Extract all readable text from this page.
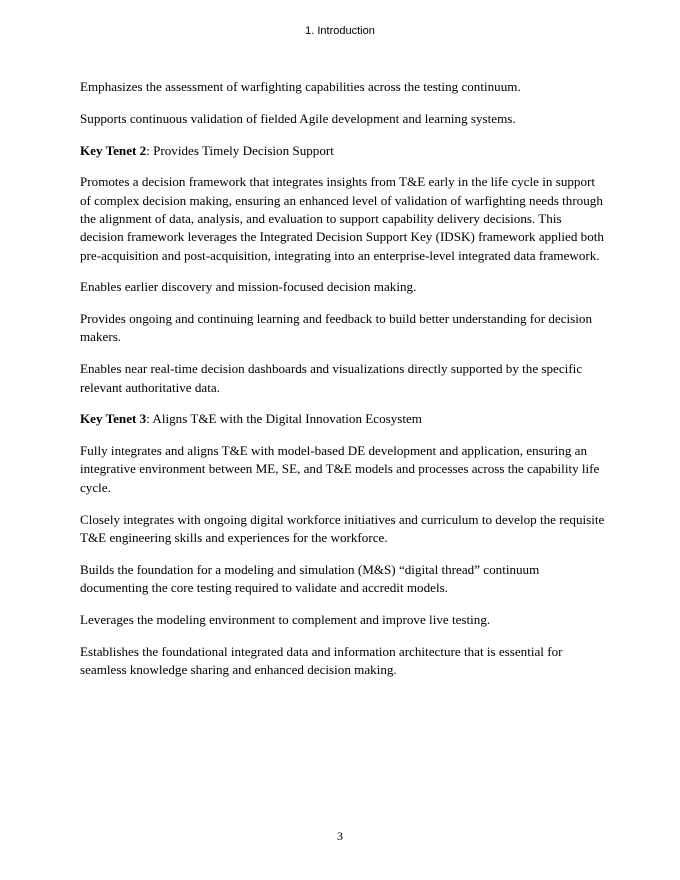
1. Introduction

Emphasizes the assessment of warfighting capabilities across the testing continuum.

Supports continuous validation of fielded Agile development and learning systems.

Key Tenet 2: Provides Timely Decision Support

Promotes a decision framework that integrates insights from T&E early in the life cycle in support of complex decision making, ensuring an enhanced level of validation of warfighting needs through the alignment of data, analysis, and evaluation to support capability delivery decisions. This decision framework leverages the Integrated Decision Support Key (IDSK) framework applied both pre-acquisition and post-acquisition, integrating into an enterprise-level integrated data framework.

Enables earlier discovery and mission-focused decision making.

Provides ongoing and continuing learning and feedback to build better understanding for decision makers.

Enables near real-time decision dashboards and visualizations directly supported by the specific relevant authoritative data.

Key Tenet 3: Aligns T&E with the Digital Innovation Ecosystem

Fully integrates and aligns T&E with model-based DE development and application, ensuring an integrative environment between ME, SE, and T&E models and processes across the capability life cycle.

Closely integrates with ongoing digital workforce initiatives and curriculum to develop the requisite T&E engineering skills and experiences for the workforce.

Builds the foundation for a modeling and simulation (M&S) “digital thread” continuum documenting the core testing required to validate and accredit models.

Leverages the modeling environment to complement and improve live testing.

Establishes the foundational integrated data and information architecture that is essential for seamless knowledge sharing and enhanced decision making.

3
